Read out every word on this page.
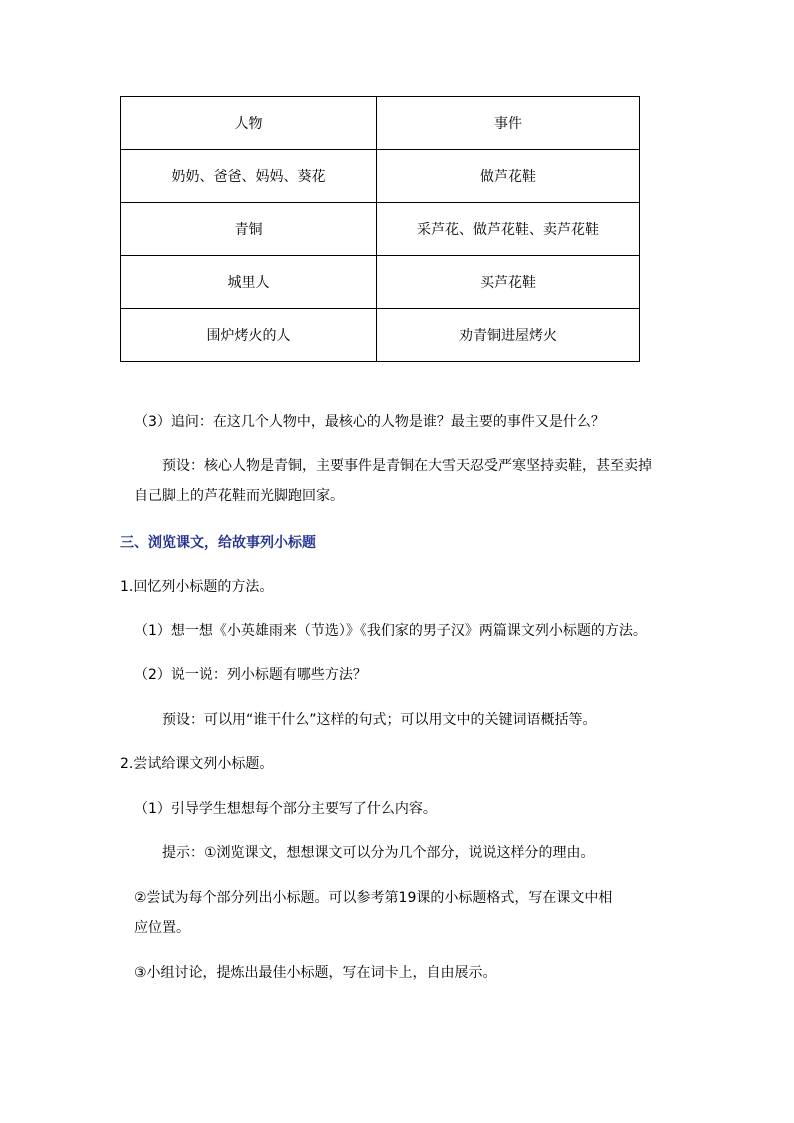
人物	事件
奶奶、爸爸、妈妈、葵花	做芦花鞋
青铜	采芦花、做芦花鞋、卖芦花鞋
城里人	买芦花鞋
围炉烤火的人	劝青铜进屋烤火
（3）追问：在这几个人物中，最核心的人物是谁？最主要的事件又是什么？
预设：核心人物是青铜，主要事件是青铜在大雪天忍受严寒坚持卖鞋，甚至卖掉
自己脚上的芦花鞋而光脚跑回家。
三、浏览课文，给故事列小标题
1.回忆列小标题的方法。
（1）想一想《小英雄雨来（节选）》《我们家的男子汉》两篇课文列小标题的方法。
（2）说一说：列小标题有哪些方法？
预设：可以用“谁干什么”这样的句式；可以用文中的关键词语概括等。
2.尝试给课文列小标题。
（1）引导学生想想每个部分主要写了什么内容。
提示：①浏览课文，想想课文可以分为几个部分，说说这样分的理由。
②尝试为每个部分列出小标题。可以参考第19课的小标题格式，写在课文中相
应位置。
③小组讨论，提炼出最佳小标题，写在词卡上，自由展示。
